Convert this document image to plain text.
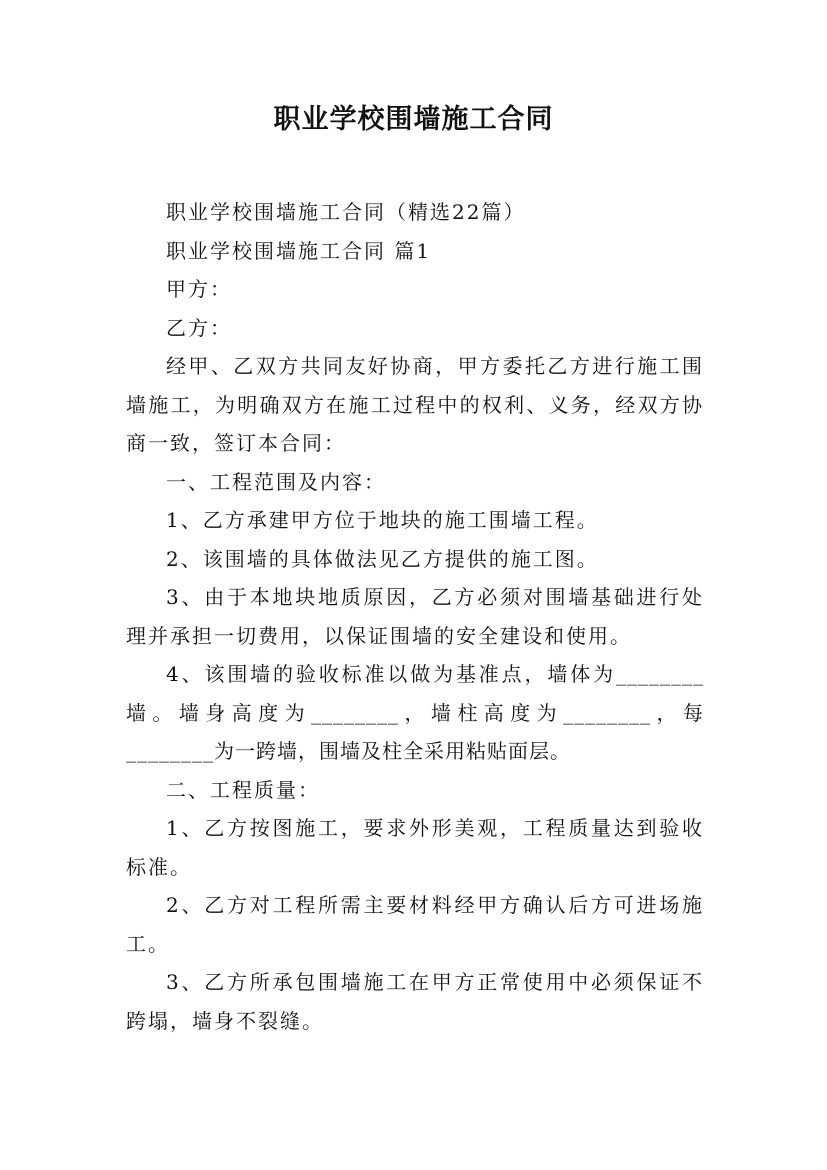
职业学校围墙施工合同

职业学校围墙施工合同（精选22篇）

职业学校围墙施工合同 篇1

甲方：

乙方：

经甲、乙双方共同友好协商，甲方委托乙方进行施工围墙施工，为明确双方在施工过程中的权利、义务，经双方协商一致，签订本合同：

一、工程范围及内容：

1、乙方承建甲方位于地块的施工围墙工程。

2、该围墙的具体做法见乙方提供的施工图。

3、由于本地块地质原因，乙方必须对围墙基础进行处理并承担一切费用，以保证围墙的安全建设和使用。

4、该围墙的验收标准以做为基准点，墙体为________墙。墙身高度为________，墙柱高度为________，每________为一跨墙，围墙及柱全采用粘贴面层。

二、工程质量：

1、乙方按图施工，要求外形美观，工程质量达到验收标准。

2、乙方对工程所需主要材料经甲方确认后方可进场施工。

3、乙方所承包围墙施工在甲方正常使用中必须保证不跨塌，墙身不裂缝。
